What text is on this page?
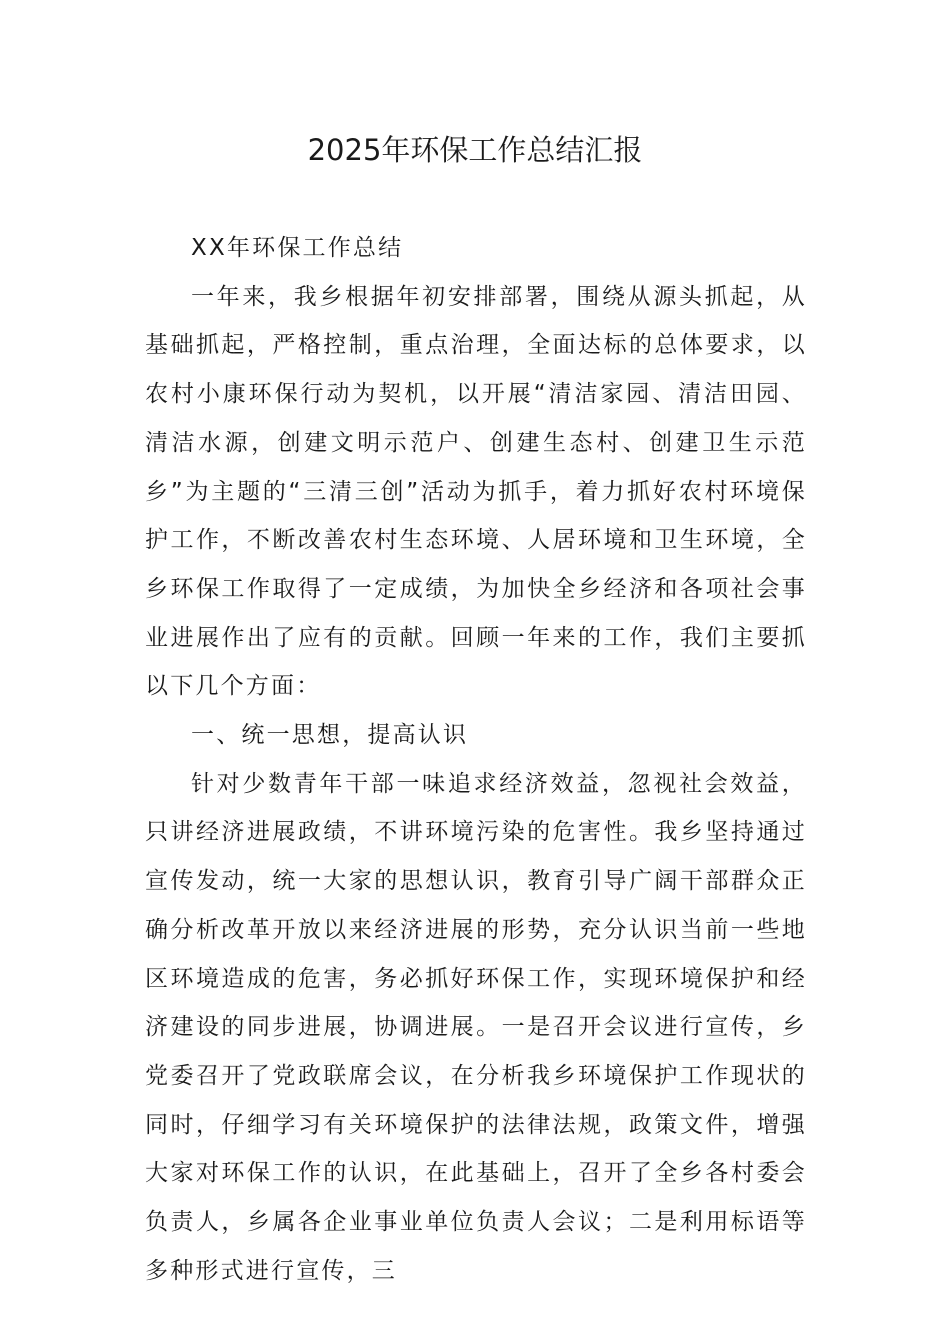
2025年环保工作总结汇报

XX年环保工作总结

一年来，我乡根据年初安排部署，围绕从源头抓起，从基础抓起，严格控制，重点治理，全面达标的总体要求，以农村小康环保行动为契机，以开展“清洁家园、清洁田园、清洁水源，创建文明示范户、创建生态村、创建卫生示范乡”为主题的“三清三创”活动为抓手，着力抓好农村环境保护工作，不断改善农村生态环境、人居环境和卫生环境，全乡环保工作取得了一定成绩，为加快全乡经济和各项社会事业进展作出了应有的贡献。回顾一年来的工作，我们主要抓以下几个方面：

一、统一思想，提高认识

针对少数青年干部一味追求经济效益，忽视社会效益，只讲经济进展政绩，不讲环境污染的危害性。我乡坚持通过宣传发动，统一大家的思想认识，教育引导广阔干部群众正确分析改革开放以来经济进展的形势，充分认识当前一些地区环境造成的危害，务必抓好环保工作，实现环境保护和经济建设的同步进展，协调进展。一是召开会议进行宣传，乡党委召开了党政联席会议，在分析我乡环境保护工作现状的同时，仔细学习有关环境保护的法律法规，政策文件，增强大家对环保工作的认识，在此基础上，召开了全乡各村委会负责人，乡属各企业事业单位负责人会议；二是利用标语等多种形式进行宣传，三
